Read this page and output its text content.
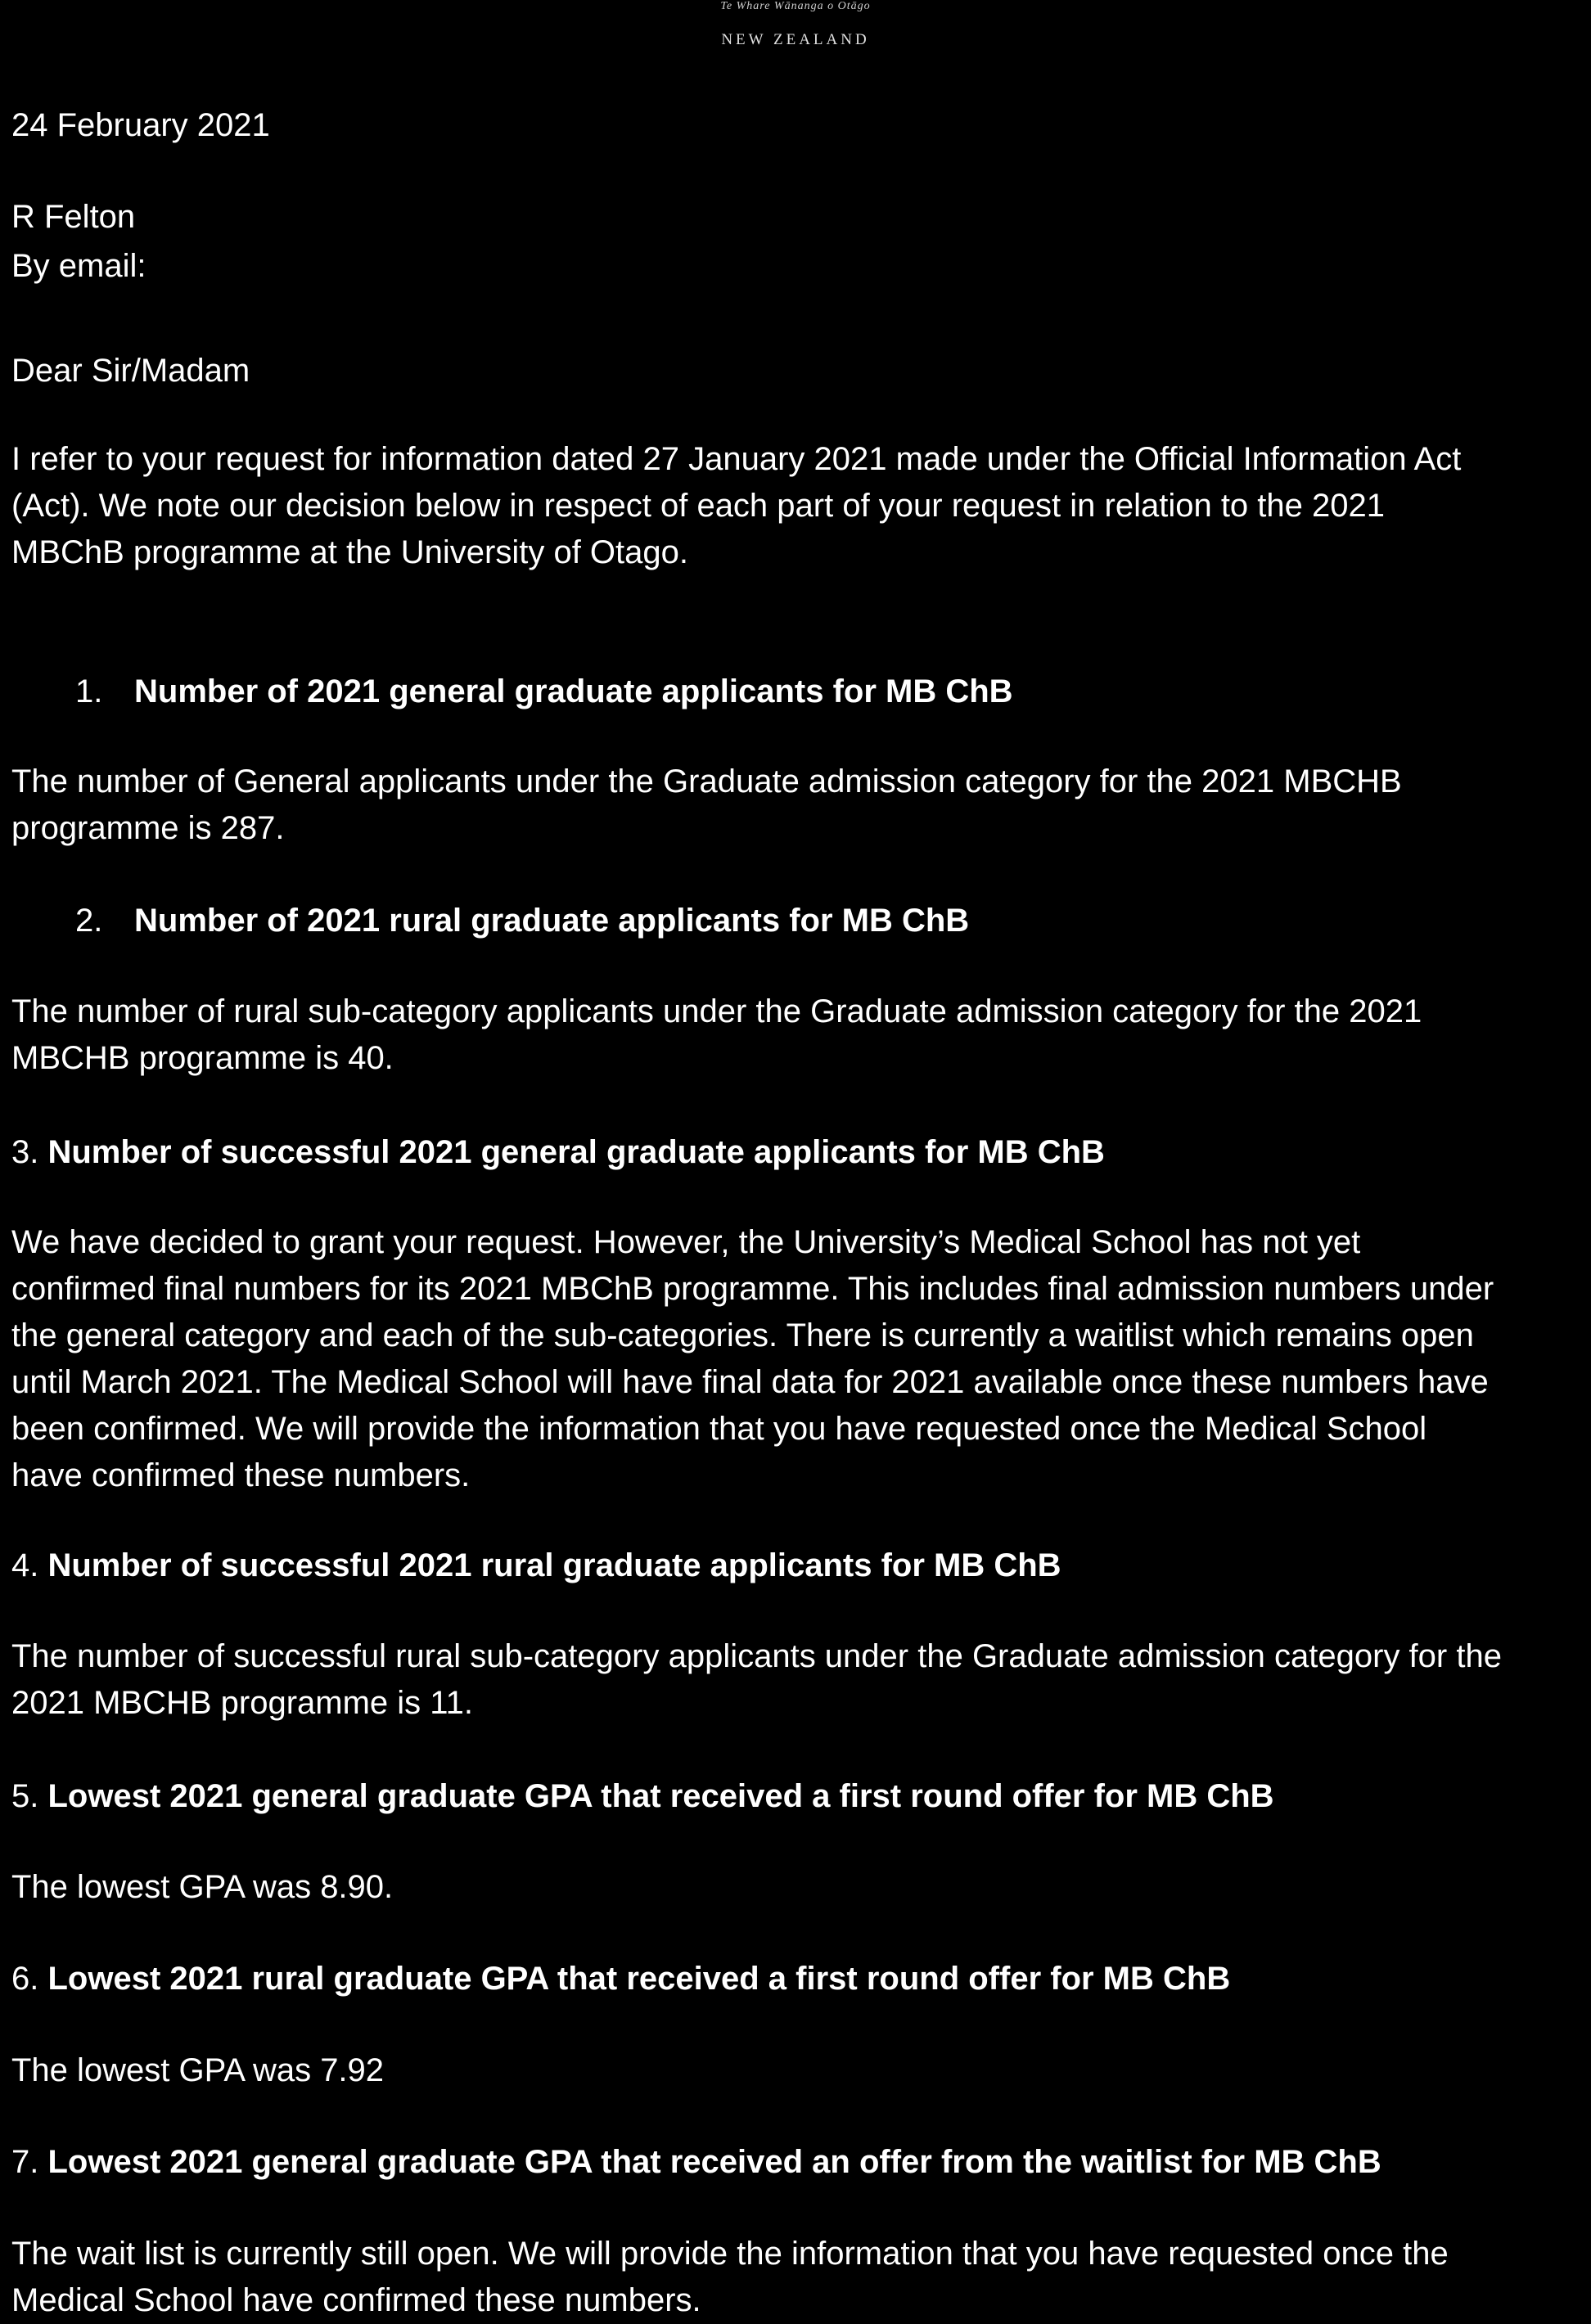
Te Whare Wānanga o Otāgo
NEW ZEALAND
24 February 2021
R Felton
By email:
Dear Sir/Madam
I refer to your request for information dated 27 January 2021 made under the Official Information Act
(Act). We note our decision below in respect of each part of your request in relation to the 2021
MBChB programme at the University of Otago.
1. Number of 2021 general graduate applicants for MB ChB
The number of General applicants under the Graduate admission category for the 2021 MBCHB
programme is 287.
2. Number of 2021 rural graduate applicants for MB ChB
The number of rural sub-category applicants under the Graduate admission category for the 2021
MBCHB programme is 40.
3. Number of successful 2021 general graduate applicants for MB ChB
We have decided to grant your request. However, the University’s Medical School has not yet
confirmed final numbers for its 2021 MBChB programme. This includes final admission numbers under
the general category and each of the sub-categories. There is currently a waitlist which remains open
until March 2021. The Medical School will have final data for 2021 available once these numbers have
been confirmed. We will provide the information that you have requested once the Medical School
have confirmed these numbers.
4. Number of successful 2021 rural graduate applicants for MB ChB
The number of successful rural sub-category applicants under the Graduate admission category for the
2021 MBCHB programme is 11.
5. Lowest 2021 general graduate GPA that received a first round offer for MB ChB
The lowest GPA was 8.90.
6. Lowest 2021 rural graduate GPA that received a first round offer for MB ChB
The lowest GPA was 7.92
7. Lowest 2021 general graduate GPA that received an offer from the waitlist for MB ChB
The wait list is currently still open. We will provide the information that you have requested once the
Medical School have confirmed these numbers.
